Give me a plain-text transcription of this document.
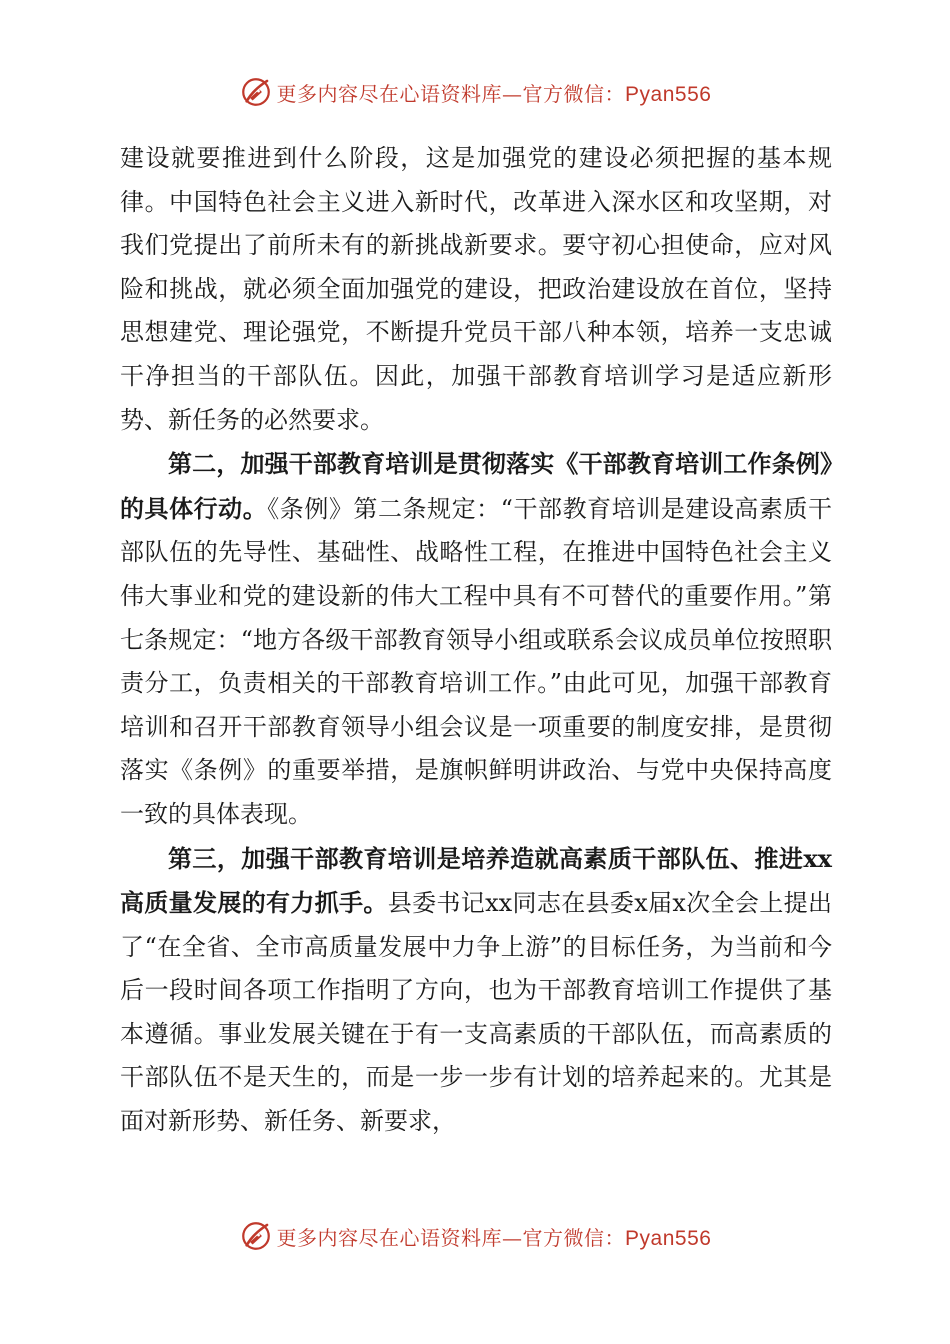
更多内容尽在心语资料库—官方微信：Pyan556

建设就要推进到什么阶段，这是加强党的建设必须把握的基本规律。中国特色社会主义进入新时代，改革进入深水区和攻坚期，对我们党提出了前所未有的新挑战新要求。要守初心担使命，应对风险和挑战，就必须全面加强党的建设，把政治建设放在首位，坚持思想建党、理论强党，不断提升党员干部八种本领，培养一支忠诚干净担当的干部队伍。因此，加强干部教育培训学习是适应新形势、新任务的必然要求。

第二，加强干部教育培训是贯彻落实《干部教育培训工作条例》的具体行动。《条例》第二条规定：“干部教育培训是建设高素质干部队伍的先导性、基础性、战略性工程，在推进中国特色社会主义伟大事业和党的建设新的伟大工程中具有不可替代的重要作用。”第七条规定：“地方各级干部教育领导小组或联系会议成员单位按照职责分工，负责相关的干部教育培训工作。”由此可见，加强干部教育培训和召开干部教育领导小组会议是一项重要的制度安排，是贯彻落实《条例》的重要举措，是旗帜鲜明讲政治、与党中央保持高度一致的具体表现。

第三，加强干部教育培训是培养造就高素质干部队伍、推进xx高质量发展的有力抓手。县委书记xx同志在县委x届x次全会上提出了“在全省、全市高质量发展中力争上游”的目标任务，为当前和今后一段时间各项工作指明了方向，也为干部教育培训工作提供了基本遵循。事业发展关键在于有一支高素质的干部队伍，而高素质的干部队伍不是天生的，而是一步一步有计划的培养起来的。尤其是面对新形势、新任务、新要求，

更多内容尽在心语资料库—官方微信：Pyan556
